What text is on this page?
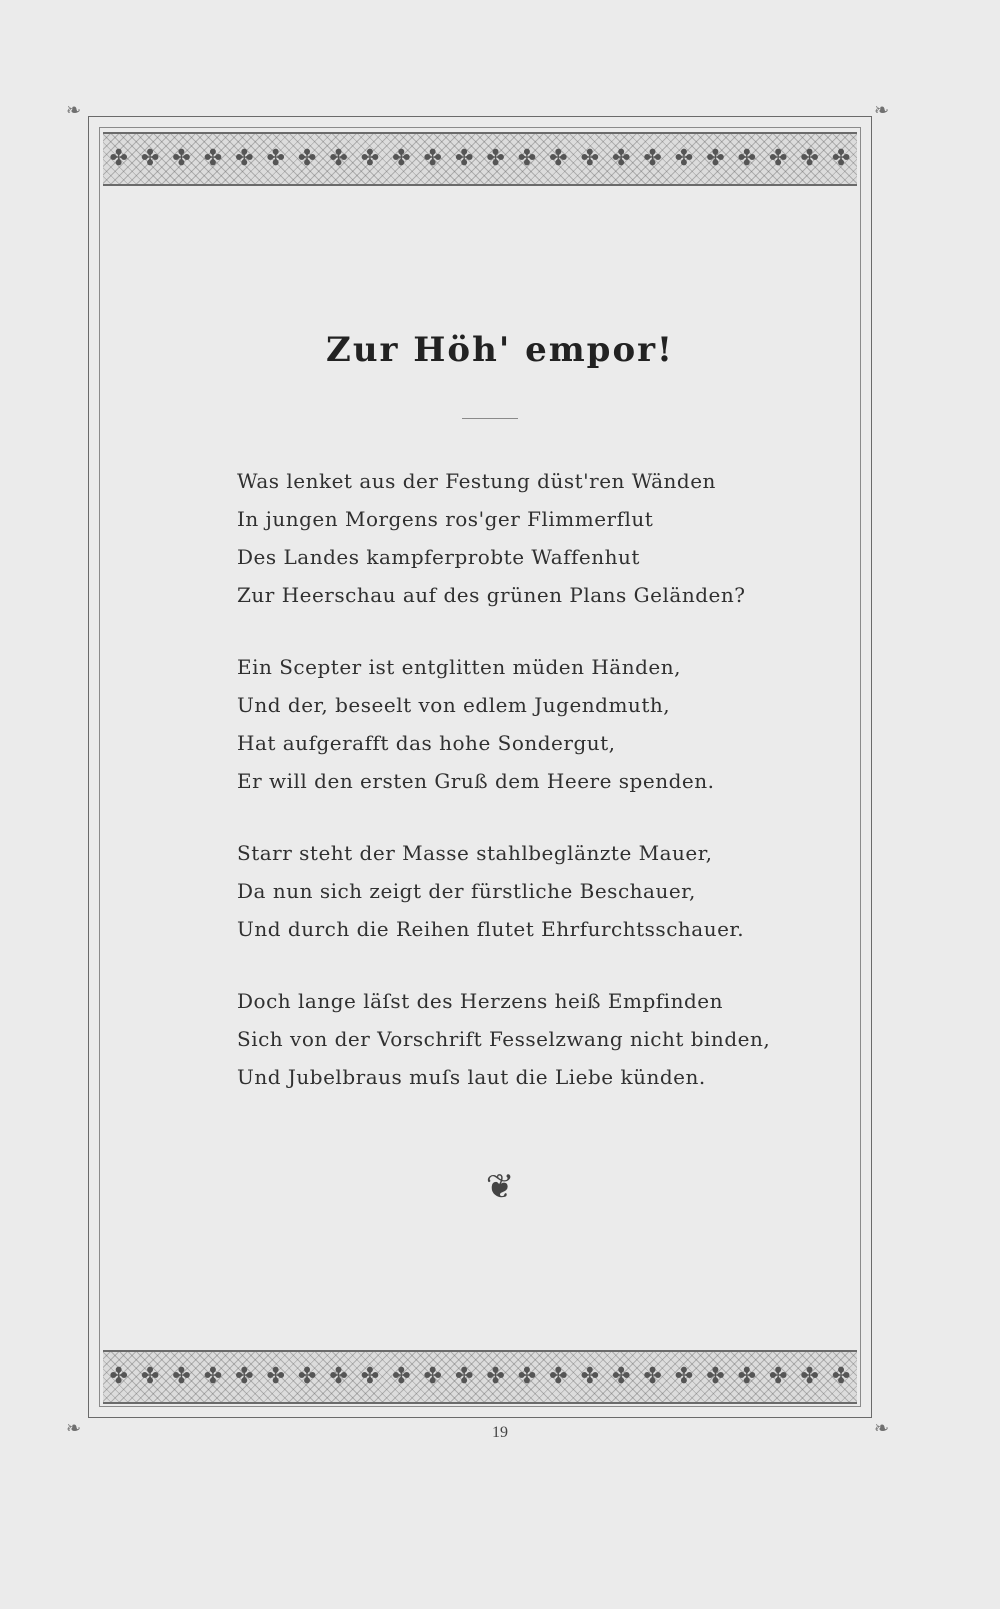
❧	❧
❧	❧
✤ ✤ ✤ ✤ ✤ ✤ ✤ ✤ ✤ ✤ ✤ ✤ ✤ ✤ ✤ ✤ ✤ ✤ ✤ ✤ ✤ ✤ ✤ ✤
✤ ✤ ✤ ✤ ✤ ✤ ✤ ✤ ✤ ✤ ✤ ✤ ✤ ✤ ✤ ✤ ✤ ✤ ✤ ✤ ✤ ✤ ✤ ✤
Zur Höh' empor!
Was lenket aus der Festung düst'ren Wänden
In jungen Morgens ros'ger Flimmerflut
Des Landes kampferprobte Waffenhut
Zur Heerschau auf des grünen Plans Geländen?
Ein Scepter ist entglitten müden Händen,
Und der, beseelt von edlem Jugendmuth,
Hat aufgerafft das hohe Sondergut,
Er will den ersten Gruß dem Heere spenden.
Starr steht der Masse stahlbeglänzte Mauer,
Da nun sich zeigt der fürstliche Beschauer,
Und durch die Reihen flutet Ehrfurchtsschauer.
Doch lange läſst des Herzens heiß Empfinden
Sich von der Vorschrift Fesselzwang nicht binden,
Und Jubelbraus muſs laut die Liebe künden.
❦
19
